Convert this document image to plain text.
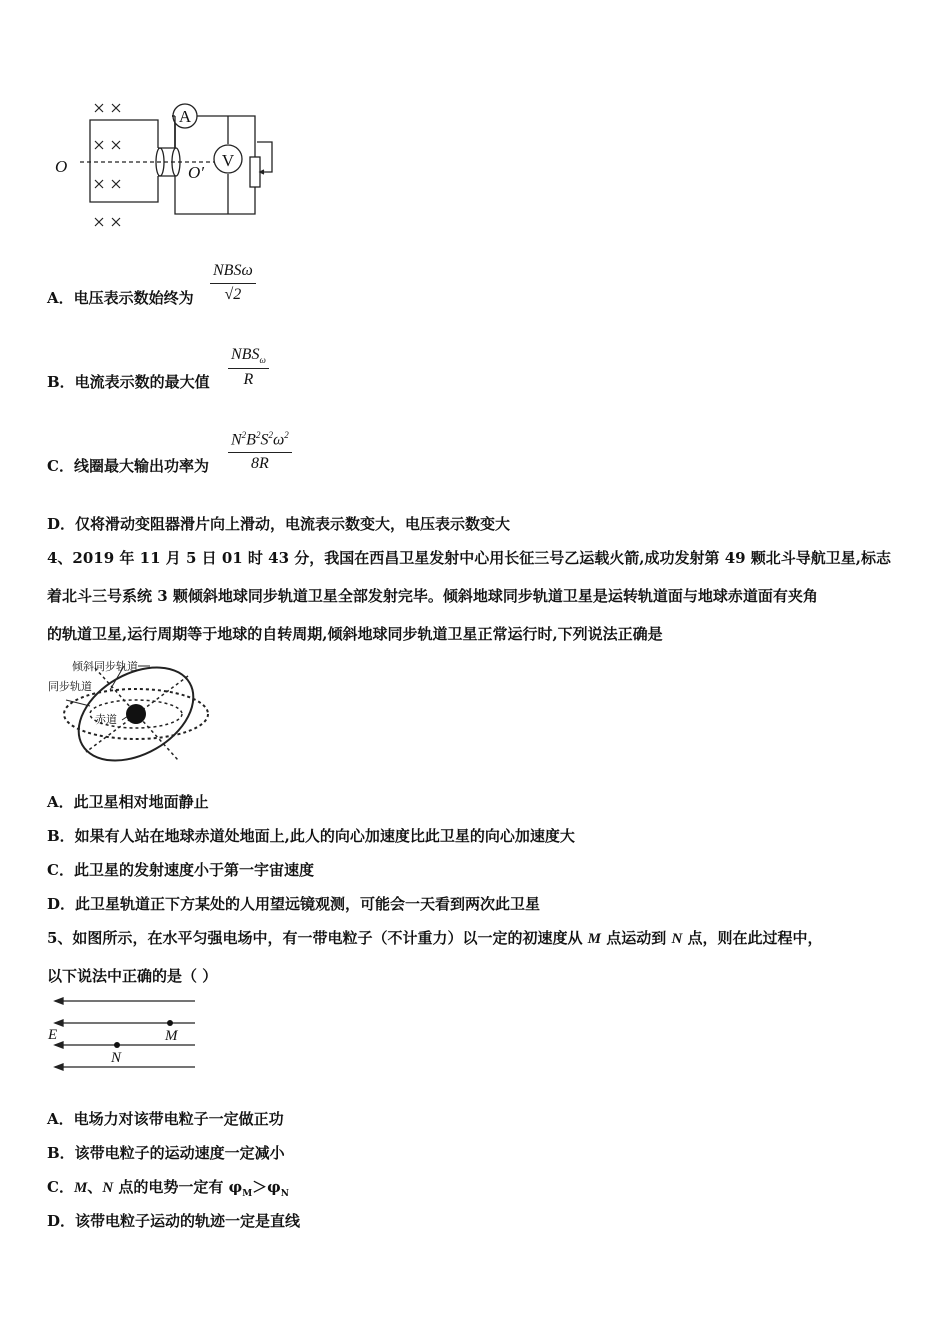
A
V
O	O′
A．电压表示数始终为
NBSω
√2
B．电流表示数的最大值
$NBS_\omega$
R
C．线圈最大输出功率为
$N^2B^2S^2\omega^2$
8R
D．仅将滑动变阻器滑片向上滑动，电流表示数变大，电压表示数变大
4、2019 年 11 月 5 日 01 时 43 分，我国在西昌卫星发射中心用长征三号乙运载火箭,成功发射第 49 颗北斗导航卫星,标志
着北斗三号系统 3 颗倾斜地球同步轨道卫星全部发射完毕。倾斜地球同步轨道卫星是运转轨道面与地球赤道面有夹角
的轨道卫星,运行周期等于地球的自转周期,倾斜地球同步轨道卫星正常运行时,下列说法正确是
倾斜同步轨道
同步轨道
赤道
A．此卫星相对地面静止
B．如果有人站在地球赤道处地面上,此人的向心加速度比此卫星的向心加速度大
C．此卫星的发射速度小于第一宇宙速度
D．此卫星轨道正下方某处的人用望远镜观测，可能会一天看到两次此卫星
5、如图所示，在水平匀强电场中，有一带电粒子（不计重力）以一定的初速度从 M 点运动到 N 点，则在此过程中，
以下说法中正确的是（ ）
E	M
N
A．电场力对该带电粒子一定做正功
B．该带电粒子的运动速度一定减小
C．M、N 点的电势一定有 $\varphi_M>\varphi_N$
D．该带电粒子运动的轨迹一定是直线
